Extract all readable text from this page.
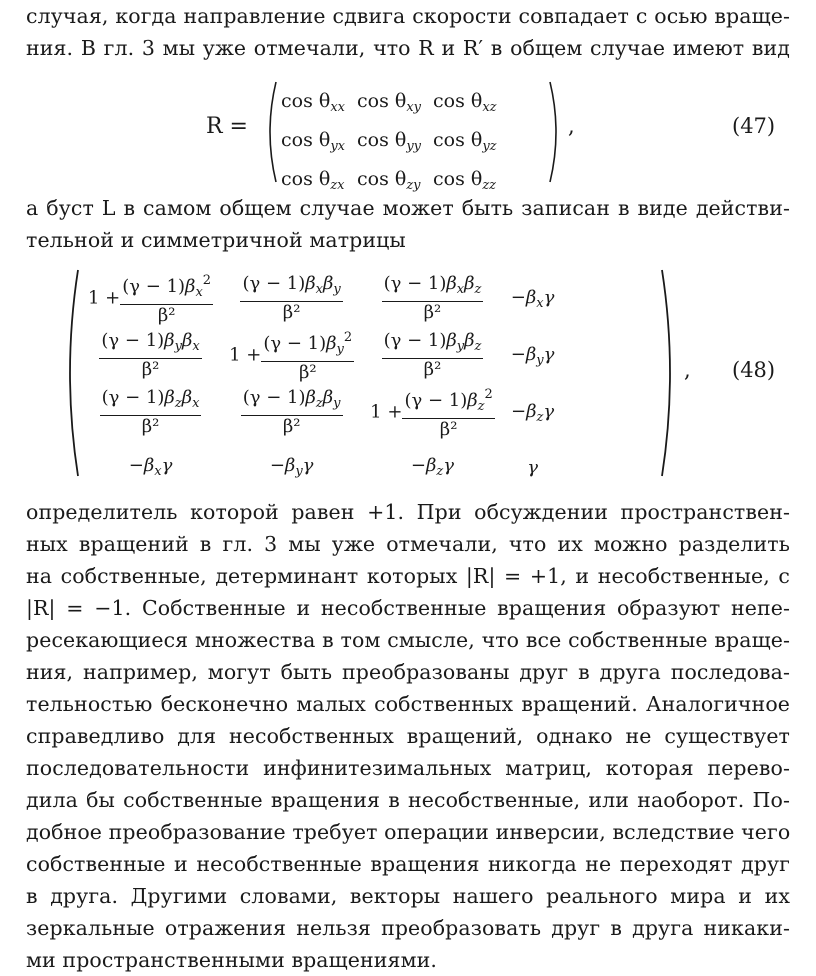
случая, когда направление сдвига скорости совпадает с осью враще-
ния. В гл. 3 мы уже отмечали, что R и R′ в общем случае имеют вид
R =
$\cos \theta_{xx}$	$\cos \theta_{xy}$	$\cos \theta_{xz}$
$\cos \theta_{yx}$	$\cos \theta_{yy}$	$\cos \theta_{yz}$
$\cos \theta_{zx}$	$\cos \theta_{zy}$	$\cos \theta_{zz}$
,	(47)
а буст L в самом общем случае может быть записан в виде действи-
тельной и симметричной матрицы
$1 + \frac{(\gamma - 1)\beta_x^2}{\text{β²}}$	$\frac{(\gamma - 1)\beta_x\beta_y}{\text{β²}}$	$\frac{(\gamma - 1)\beta_x\beta_z}{\text{β²}}$	$-\beta_x\gamma$

$\frac{(\gamma - 1)\beta_y\beta_x}{\text{β²}}$	$1 + \frac{(\gamma - 1)\beta_y^2}{\text{β²}}$	$\frac{(\gamma - 1)\beta_y\beta_z}{\text{β²}}$	$-\beta_y\gamma$

$\frac{(\gamma - 1)\beta_z\beta_x}{\text{β²}}$	$\frac{(\gamma - 1)\beta_z\beta_y}{\text{β²}}$	$1 + \frac{(\gamma - 1)\beta_z^2}{\text{β²}}$	$-\beta_z\gamma$
$-\beta_x\gamma$	$-\beta_y\gamma$	$-\beta_z\gamma$	γ
, (48)
определитель которой равен +1. При обсуждении пространствен-
ных вращений в гл. 3 мы уже отмечали, что их можно разделить
на собственные, детерминант которых |R| = +1, и несобственные, с
|R| = −1. Собственные и несобственные вращения образуют непе-
ресекающиеся множества в том смысле, что все собственные враще-
ния, например, могут быть преобразованы друг в друга последова-
тельностью бесконечно малых собственных вращений. Аналогичное
справедливо для несобственных вращений, однако не существует
последовательности инфинитезимальных матриц, которая перево-
дила бы собственные вращения в несобственные, или наоборот. По-
добное преобразование требует операции инверсии, вследствие чего
собственные и несобственные вращения никогда не переходят друг
в друга. Другими словами, векторы нашего реального мира и их
зеркальные отражения нельзя преобразовать друг в друга никаки-
ми пространственными вращениями.
